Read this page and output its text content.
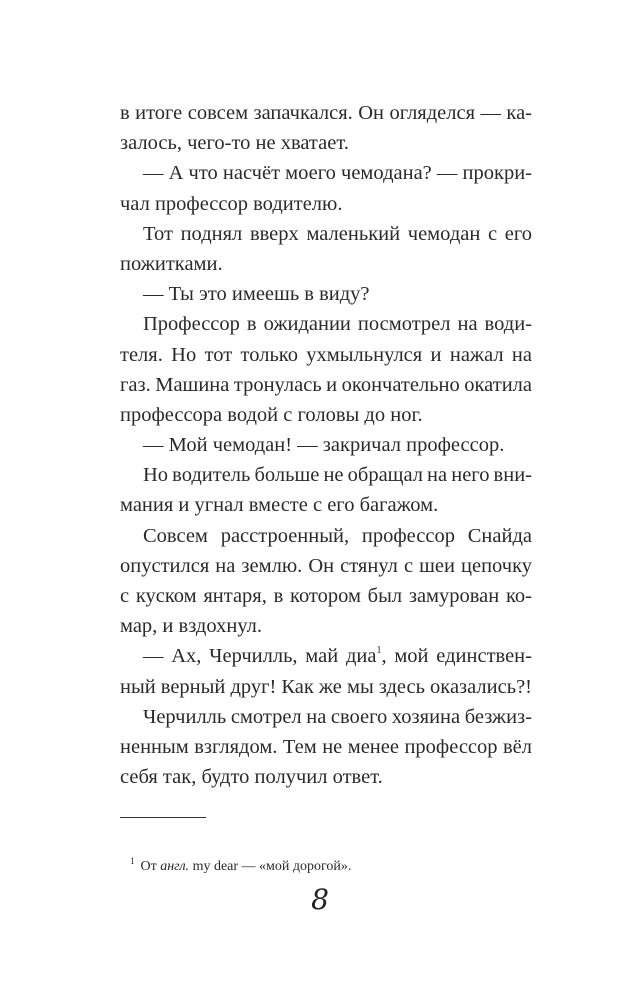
в итоге совсем запачкался. Он огляделся — ка-
залось, чего-то не хватает.
— А что насчёт моего чемодана? — прокри-
чал профессор водителю.
Тот поднял вверх маленький чемодан с его
пожитками.
— Ты это имеешь в виду?
Профессор в ожидании посмотрел на води-
теля. Но тот только ухмыльнулся и нажал на
газ. Машина тронулась и окончательно окатила
профессора водой с головы до ног.
— Мой чемодан! — закричал профессор.
Но водитель больше не обращал на него вни-
мания и угнал вместе с его багажом.
Совсем расстроенный, профессор Снайда
опустился на землю. Он стянул с шеи цепочку
с куском янтаря, в котором был замурован ко-
мар, и вздохнул.
— Ах, Черчилль, май диа$^1$, мой единствен-
ный верный друг! Как же мы здесь оказались?!
Черчилль смотрел на своего хозяина безжиз-
ненным взглядом. Тем не менее профессор вёл
себя так, будто получил ответ.
$^1$ От англ. my dear — «мой дорогой».
8
